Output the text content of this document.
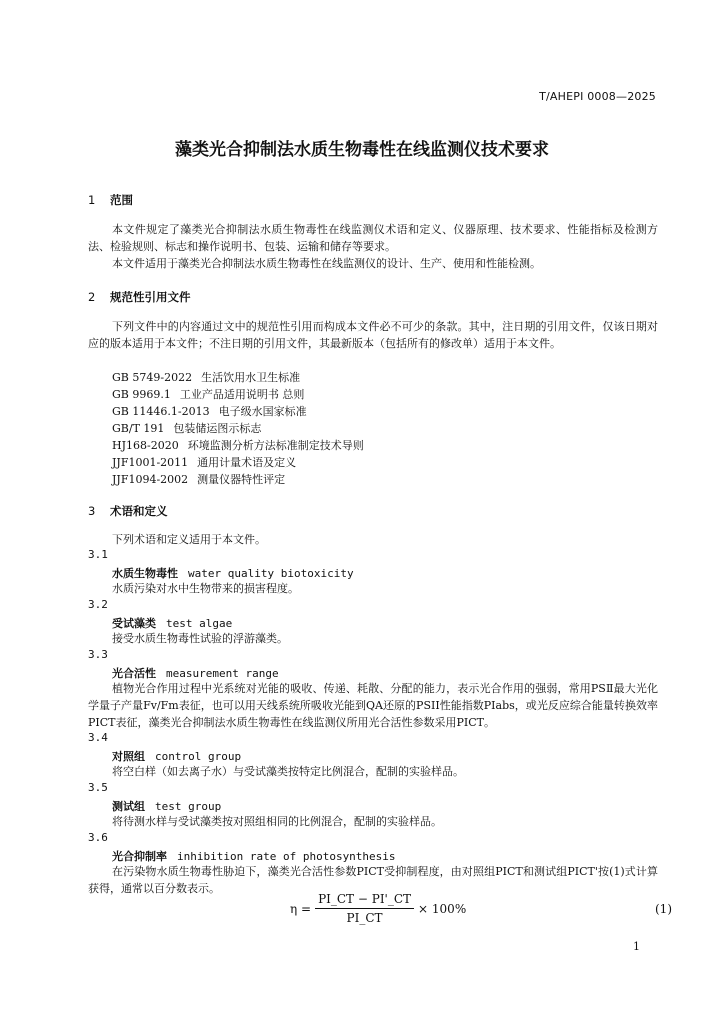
T/AHEPI 0008—2025
藻类光合抑制法水质生物毒性在线监测仪技术要求
1 范围
本文件规定了藻类光合抑制法水质生物毒性在线监测仪术语和定义、仪器原理、技术要求、性能指标及检测方法、检验规则、标志和操作说明书、包装、运输和储存等要求。
本文件适用于藻类光合抑制法水质生物毒性在线监测仪的设计、生产、使用和性能检测。
2 规范性引用文件
下列文件中的内容通过文中的规范性引用而构成本文件必不可少的条款。其中，注日期的引用文件，仅该日期对应的版本适用于本文件；不注日期的引用文件，其最新版本（包括所有的修改单）适用于本文件。
GB 5749-2022 生活饮用水卫生标准
GB 9969.1 工业产品适用说明书 总则
GB 11446.1-2013 电子级水国家标准
GB/T 191 包装储运图示标志
HJ168-2020 环境监测分析方法标准制定技术导则
JJF1001-2011 通用计量术语及定义
JJF1094-2002 测量仪器特性评定
3 术语和定义
下列术语和定义适用于本文件。
3.1
水质生物毒性 water quality biotoxicity
水质污染对水中生物带来的损害程度。
3.2
受试藻类 test algae
接受水质生物毒性试验的浮游藻类。
3.3
光合活性 measurement range
植物光合作用过程中光系统对光能的吸收、传递、耗散、分配的能力，表示光合作用的强弱，常用PSⅡ最大光化学量子产量Fv/Fm表征，也可以用天线系统所吸收光能到QA还原的PSII性能指数PIabs，或光反应综合能量转换效率PICT表征，藻类光合抑制法水质生物毒性在线监测仪所用光合活性参数采用PICT。
3.4
对照组 control group
将空白样（如去离子水）与受试藻类按特定比例混合，配制的实验样品。
3.5
测试组 test group
将待测水样与受试藻类按对照组相同的比例混合，配制的实验样品。
3.6
光合抑制率 inhibition rate of photosynthesis
在污染物水质生物毒性胁迫下，藻类光合活性参数PICT受抑制程度，由对照组PICT和测试组PICT'按(1)式计算获得，通常以百分数表示。
$\eta = \frac{PI\_CT - PI'\_CT}{PI\_CT} \times 100\%$	(1)
1
